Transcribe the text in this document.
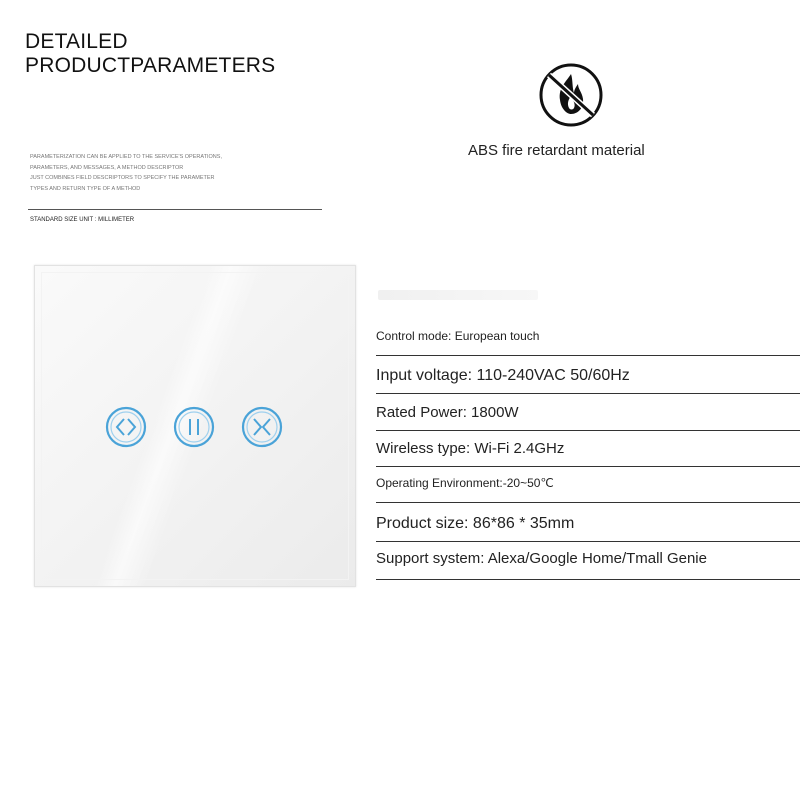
DETAILED
PRODUCTPARAMETERS
PARAMETERIZATION CAN BE APPLIED TO THE SERVICE'S OPERATIONS,
PARAMETERS, AND MESSAGES, A METHOD DESCRIPTOR
JUST COMBINES FIELD DESCRIPTORS TO SPECIFY THE PARAMETER
TYPES AND RETURN TYPE OF A METHOD
STANDARD SIZE UNIT : MILLIMETER
ABS fire retardant material
Control mode: European touch
Input voltage: 110-240VAC 50/60Hz
Rated Power: 1800W
Wireless type: Wi-Fi 2.4GHz
Operating Environment:-20~50℃
Product size: 86*86 * 35mm
Support system: Alexa/Google Home/Tmall Genie
